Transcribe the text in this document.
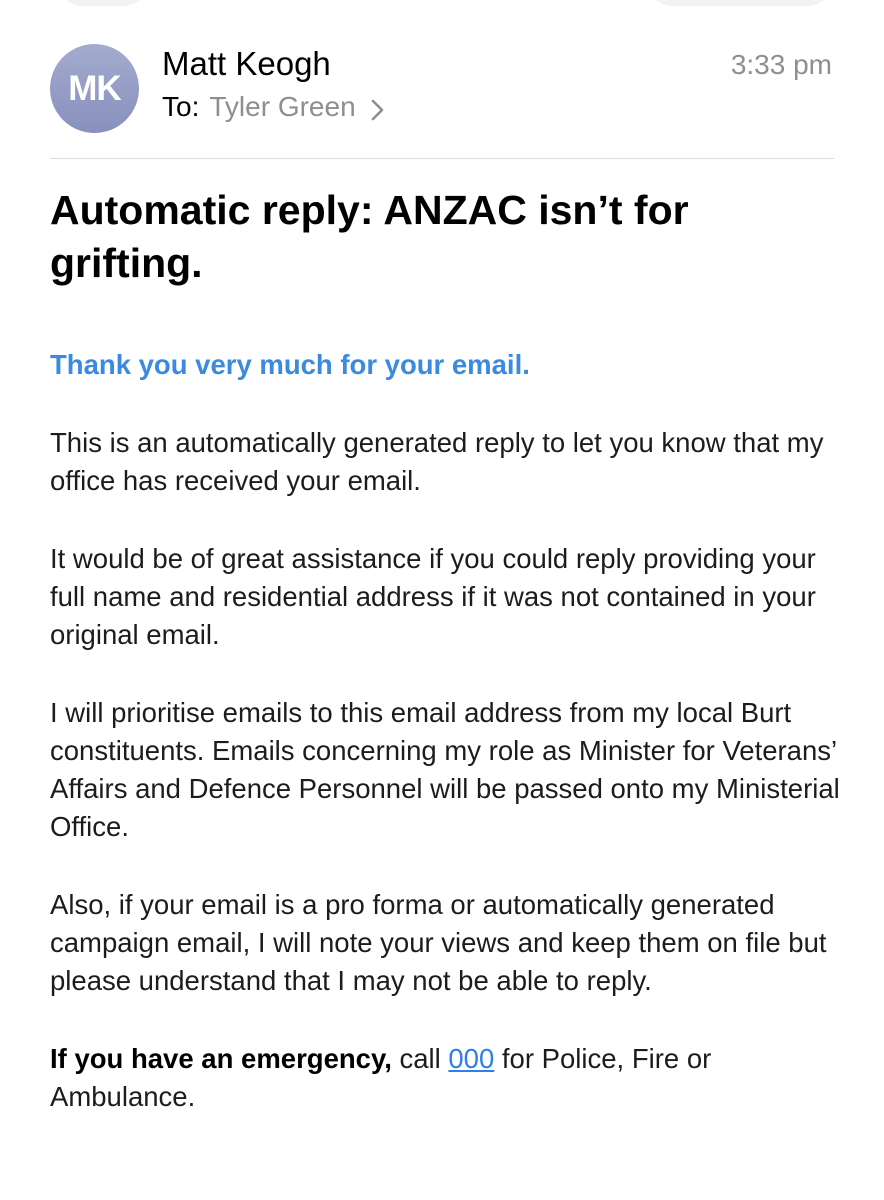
MK
Matt Keogh
To: Tyler Green
3:33 pm
Automatic reply: ANZAC isn’t for grifting.

Thank you very much for your email.

This is an automatically generated reply to let you know that my office has received your email.

It would be of great assistance if you could reply providing your full name and residential address if it was not contained in your original email.

I will prioritise emails to this email address from my local Burt constituents. Emails concerning my role as Minister for Veterans’ Affairs and Defence Personnel will be passed onto my Ministerial Office.

Also, if your email is a pro forma or automatically generated campaign email, I will note your views and keep them on file but please understand that I may not be able to reply.

If you have an emergency, call 000 for Police, Fire or Ambulance.
